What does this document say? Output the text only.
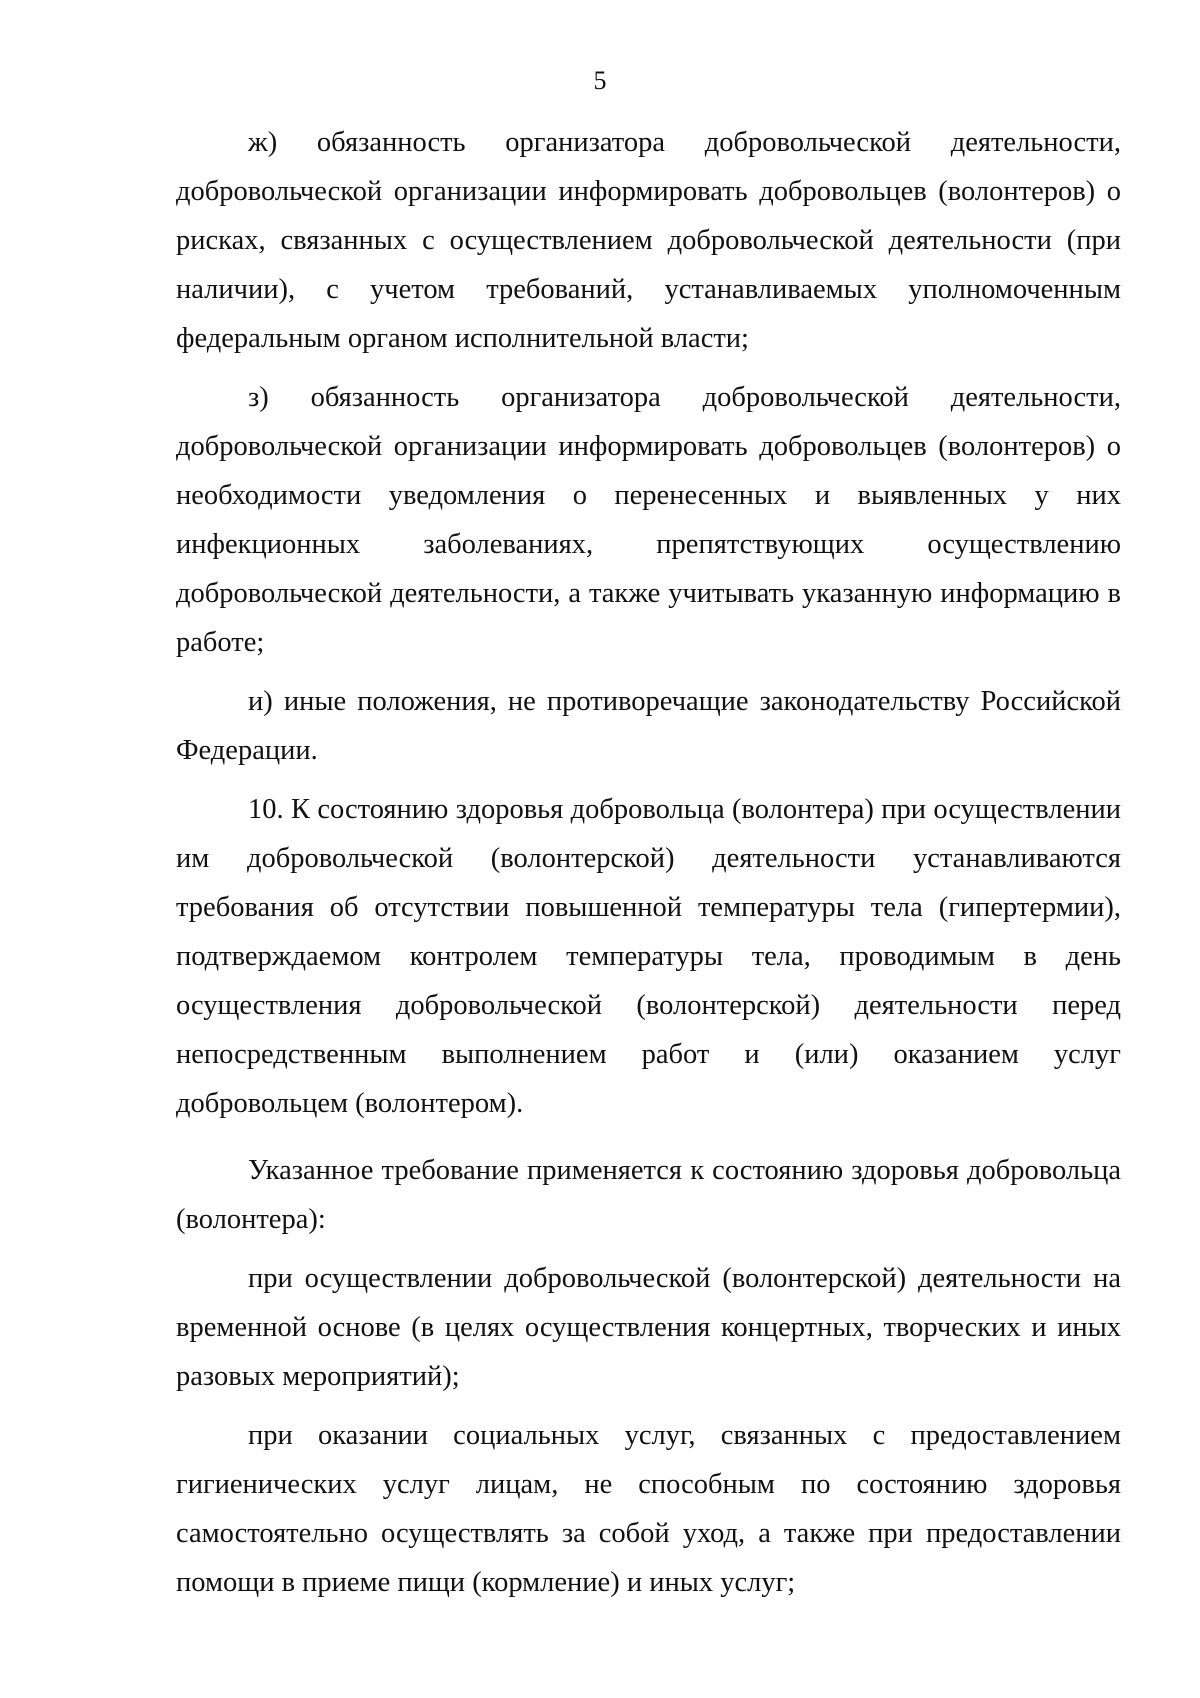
5

ж) обязанность организатора добровольческой деятельности, добровольческой организации информировать добровольцев (волонтеров) о рисках, связанных с осуществлением добровольческой деятельности (при наличии), с учетом требований, устанавливаемых уполномоченным федеральным органом исполнительной власти;

з) обязанность организатора добровольческой деятельности, добровольческой организации информировать добровольцев (волонтеров) о необходимости уведомления о перенесенных и выявленных у них инфекционных заболеваниях, препятствующих осуществлению добровольческой деятельности, а также учитывать указанную информацию в работе;

и) иные положения, не противоречащие законодательству Российской Федерации.

10. К состоянию здоровья добровольца (волонтера) при осуществлении им добровольческой (волонтерской) деятельности устанавливаются требования об отсутствии повышенной температуры тела (гипертермии), подтверждаемом контролем температуры тела, проводимым в день осуществления добровольческой (волонтерской) деятельности перед непосредственным выполнением работ и (или) оказанием услуг добровольцем (волонтером).

Указанное требование применяется к состоянию здоровья добровольца (волонтера):

при осуществлении добровольческой (волонтерской) деятельности на временной основе (в целях осуществления концертных, творческих и иных разовых мероприятий);

при оказании социальных услуг, связанных с предоставлением гигиенических услуг лицам, не способным по состоянию здоровья самостоятельно осуществлять за собой уход, а также при предоставлении помощи в приеме пищи (кормление) и иных услуг;
